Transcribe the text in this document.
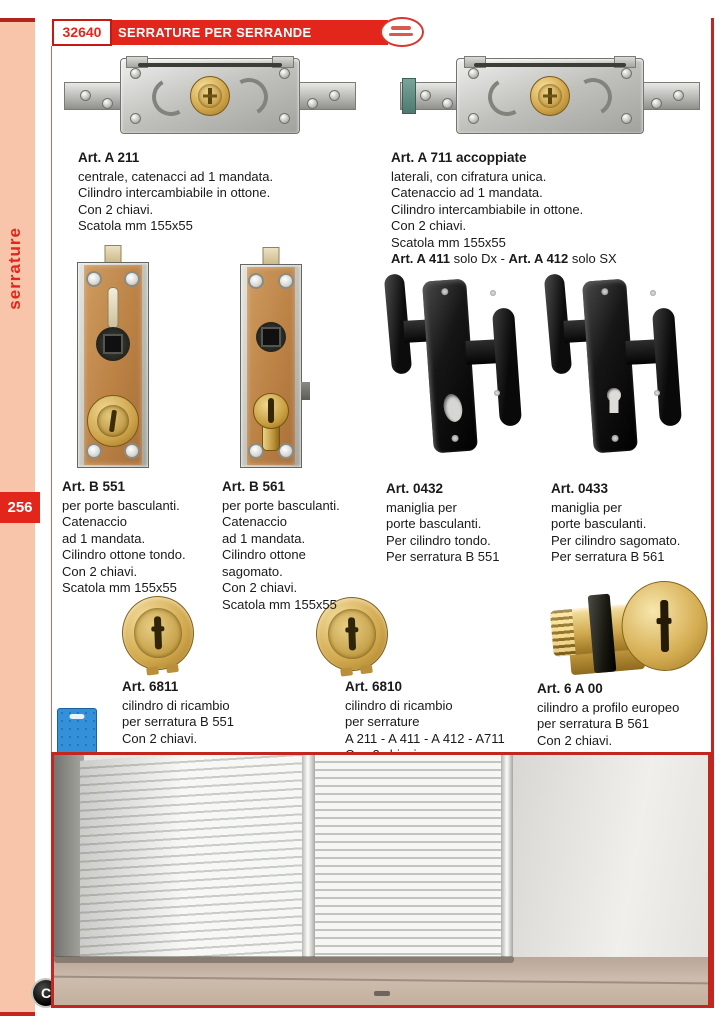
serrature
256
C
SERRATURE PER SERRANDE
32640
Art. A 211
centrale, catenacci ad 1 mandata.
Cilindro intercambiabile in ottone.
Con 2 chiavi.
Scatola mm 155x55
Art. A 711 accoppiate
laterali, con cifratura unica.
Catenaccio ad 1 mandata.
Cilindro intercambiabile in ottone.
Con 2 chiavi.
Scatola mm 155x55
Art. A 411 solo Dx - Art. A 412 solo SX
Art. B 551
per porte basculanti.
Catenaccio
ad 1 mandata.
Cilindro ottone tondo.
Con 2 chiavi.
Scatola mm 155x55
Art. B 561
per porte basculanti.
Catenaccio
ad 1 mandata.
Cilindro ottone
sagomato.
Con 2 chiavi.
Scatola mm 155x55
Art. 0432
maniglia per
porte basculanti.
Per cilindro tondo.
Per serratura B 551
Art. 0433
maniglia per
porte basculanti.
Per cilindro sagomato.
Per serratura B 561
Art. 6811
cilindro di ricambio
per serratura B 551
Con 2 chiavi.
Art. 6810
cilindro di ricambio
per serrature
A 211 - A 411 - A 412 - A711
Art. 6 A 00
cilindro a profilo europeo
per serratura B 561
Con 2 chiavi.
